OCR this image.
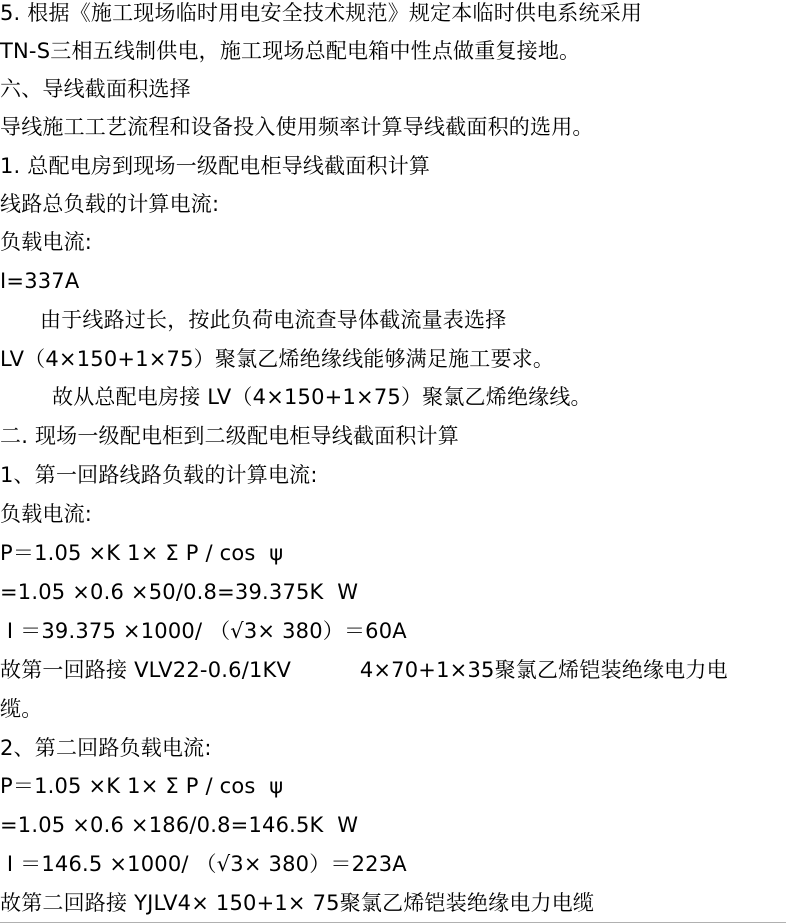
5. 根据《施工现场临时用电安全技术规范》规定本临时供电系统采用
TN-S三相五线制供电，施工现场总配电箱中性点做重复接地。
六、导线截面积选择
导线施工工艺流程和设备投入使用频率计算导线截面积的选用。
1. 总配电房到现场一级配电柜导线截面积计算
线路总负载的计算电流:
负载电流:
I=337A
由于线路过长，按此负荷电流查导体截流量表选择
LV（4×150+1×75）聚氯乙烯绝缘线能够满足施工要求。
故从总配电房接 LV（4×150+1×75）聚氯乙烯绝缘线。
二. 现场一级配电柜到二级配电柜导线截面积计算
1、第一回路线路负载的计算电流:
负载电流:
P＝1.05 ×K 1× Σ P / cos  ψ
=1.05 ×0.6 ×50/0.8=39.375K  W
I ＝39.375 ×1000/ （√3× 380）＝60A
故第一回路接 VLV22-0.6/1KV          4×70+1×35聚氯乙烯铠装绝缘电力电
缆。
2、第二回路负载电流:
P＝1.05 ×K 1× Σ P / cos  ψ
=1.05 ×0.6 ×186/0.8=146.5K  W
I ＝146.5 ×1000/ （√3× 380）＝223A
故第二回路接 YJLV4× 150+1× 75聚氯乙烯铠装绝缘电力电缆
